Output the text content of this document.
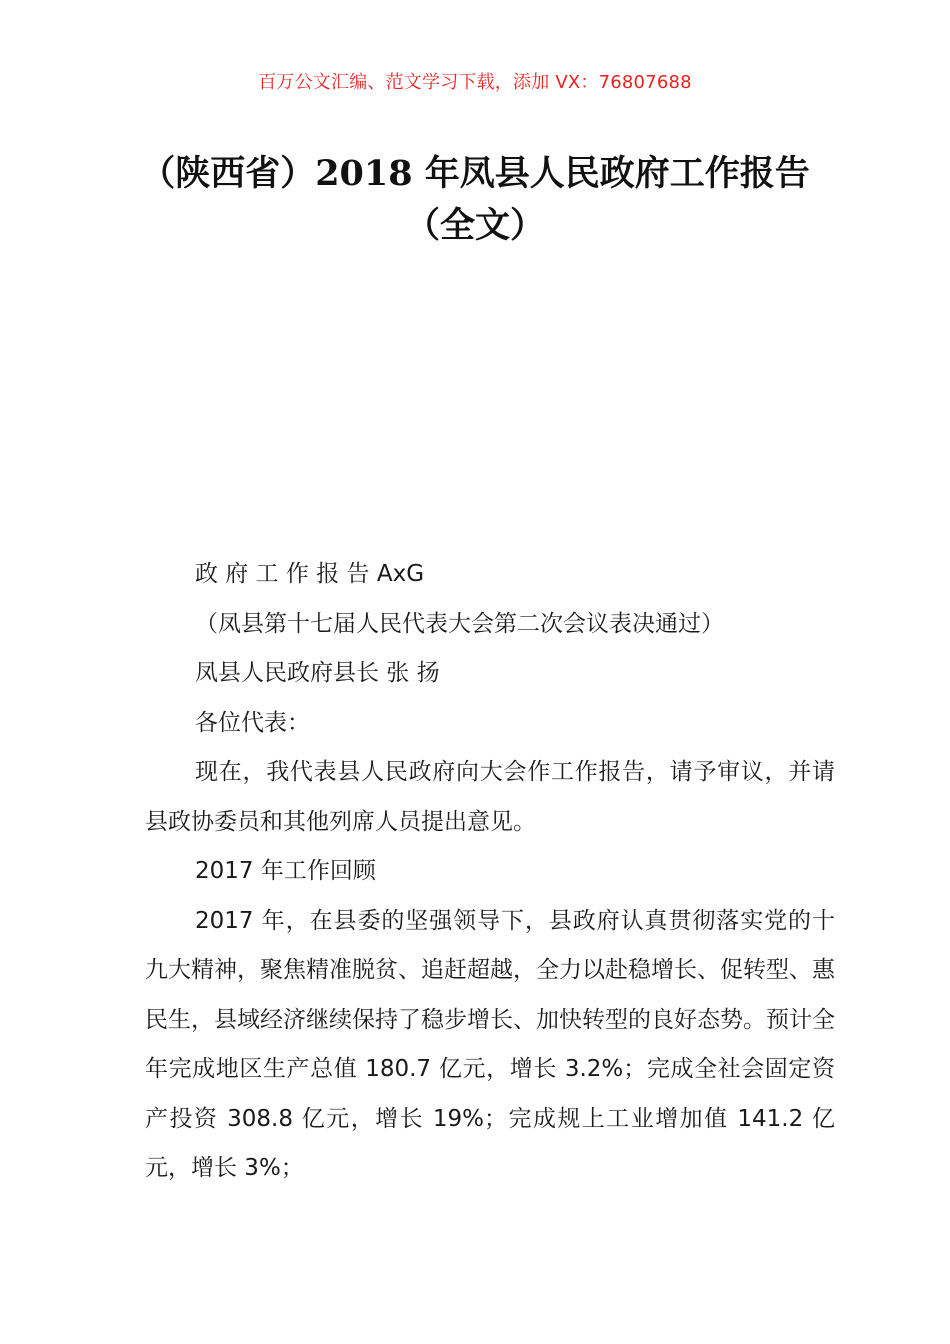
百万公文汇编、范文学习下载，添加 VX：76807688
（陕西省）2018 年凤县人民政府工作报告
（全文）

政 府 工 作 报 告 AxG

（凤县第十七届人民代表大会第二次会议表决通过）

凤县人民政府县长 张 扬

各位代表：

现在，我代表县人民政府向大会作工作报告，请予审议，并请县政协委员和其他列席人员提出意见。

2017 年工作回顾

2017 年，在县委的坚强领导下，县政府认真贯彻落实党的十九大精神，聚焦精准脱贫、追赶超越，全力以赴稳增长、促转型、惠民生，县域经济继续保持了稳步增长、加快转型的良好态势。预计全年完成地区生产总值 180.7 亿元，增长 3.2%；完成全社会固定资产投资 308.8 亿元，增长 19%；完成规上工业增加值 141.2 亿元，增长 3%；
